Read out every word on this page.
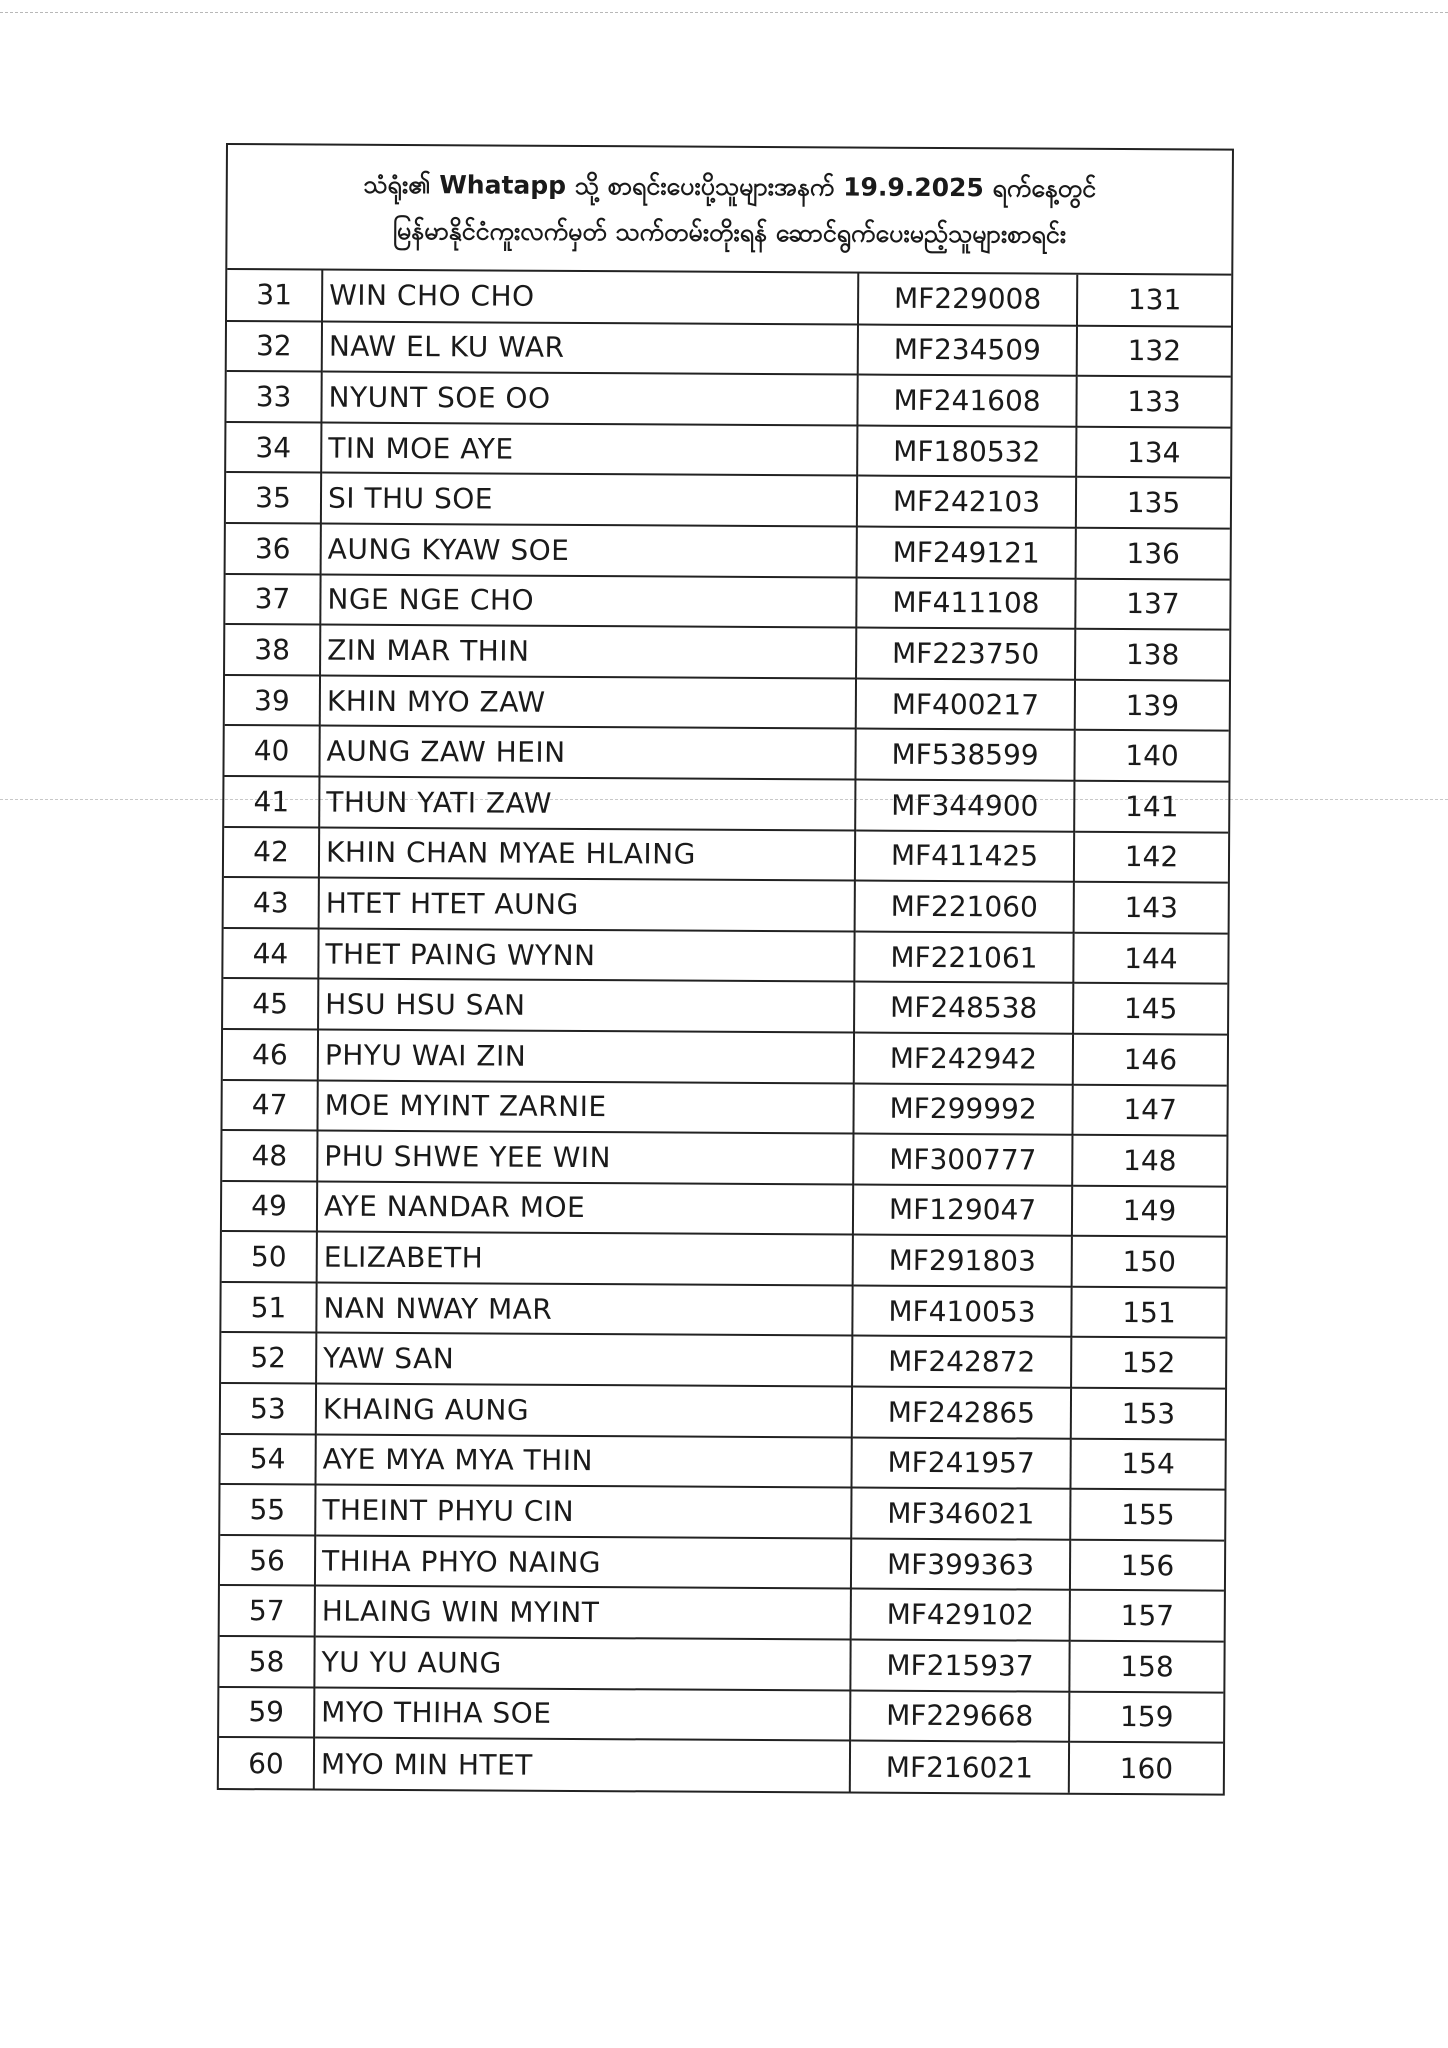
သံရုံး၏ Whatapp သို့ စာရင်းပေးပို့သူများအနက် 19.9.2025 ရက်နေ့တွင်
မြန်မာနိုင်ငံကူးလက်မှတ် သက်တမ်းတိုးရန် ဆောင်ရွက်ပေးမည့်သူများစာရင်း
31	WIN CHO CHO	MF229008	131
32	NAW EL KU WAR	MF234509	132
33	NYUNT SOE OO	MF241608	133
34	TIN MOE AYE	MF180532	134
35	SI THU SOE	MF242103	135
36	AUNG KYAW SOE	MF249121	136
37	NGE NGE CHO	MF411108	137
38	ZIN MAR THIN	MF223750	138
39	KHIN MYO ZAW	MF400217	139
40	AUNG ZAW HEIN	MF538599	140
41	THUN YATI ZAW	MF344900	141
42	KHIN CHAN MYAE HLAING	MF411425	142
43	HTET HTET AUNG	MF221060	143
44	THET PAING WYNN	MF221061	144
45	HSU HSU SAN	MF248538	145
46	PHYU WAI ZIN	MF242942	146
47	MOE MYINT ZARNIE	MF299992	147
48	PHU SHWE YEE WIN	MF300777	148
49	AYE NANDAR MOE	MF129047	149
50	ELIZABETH	MF291803	150
51	NAN NWAY MAR	MF410053	151
52	YAW SAN	MF242872	152
53	KHAING AUNG	MF242865	153
54	AYE MYA MYA THIN	MF241957	154
55	THEINT PHYU CIN	MF346021	155
56	THIHA PHYO NAING	MF399363	156
57	HLAING WIN MYINT	MF429102	157
58	YU YU AUNG	MF215937	158
59	MYO THIHA SOE	MF229668	159
60	MYO MIN HTET	MF216021	160
